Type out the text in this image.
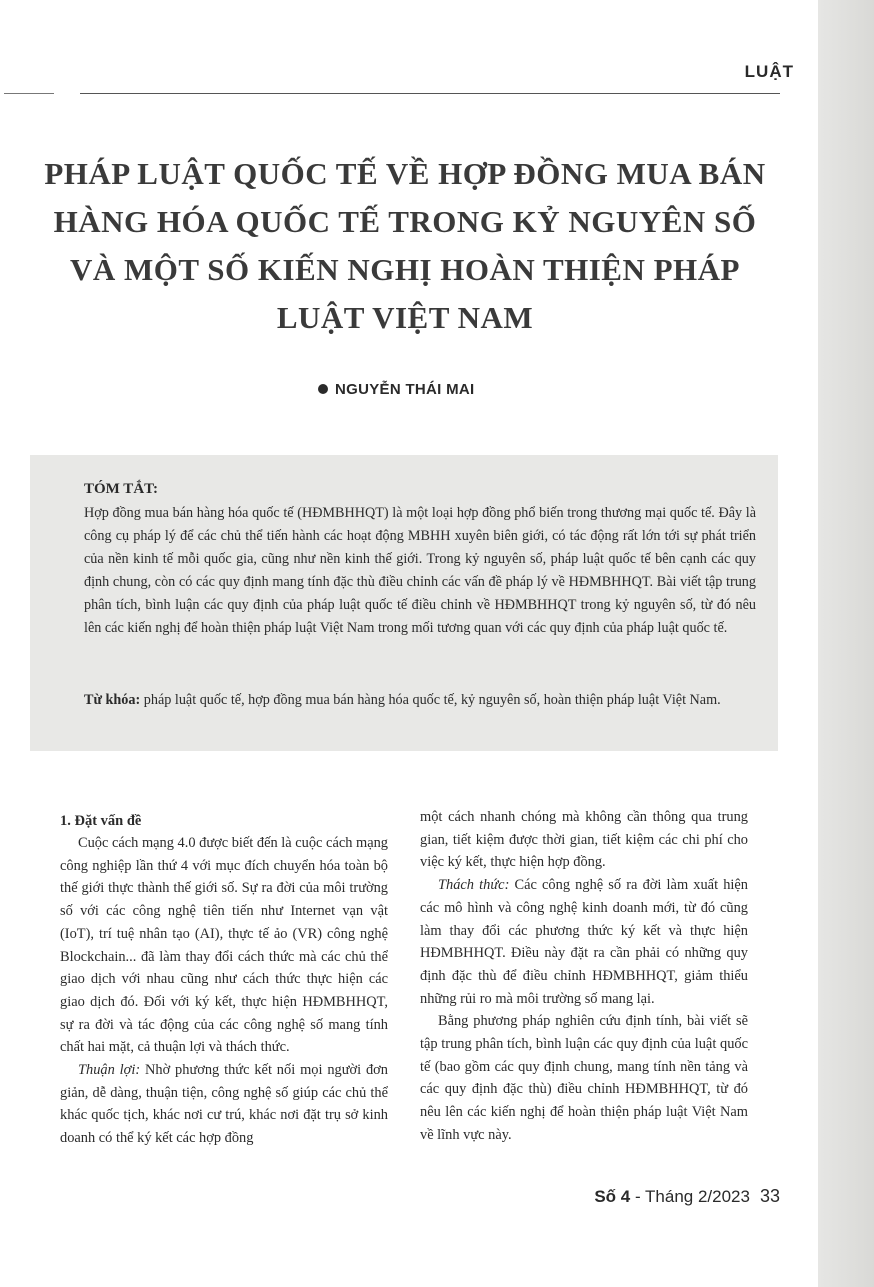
LUẬT
PHÁP LUẬT QUỐC TẾ VỀ HỢP ĐỒNG MUA BÁN HÀNG HÓA QUỐC TẾ TRONG KỶ NGUYÊN SỐ VÀ MỘT SỐ KIẾN NGHỊ HOÀN THIỆN PHÁP LUẬT VIỆT NAM
NGUYỄN THÁI MAI
TÓM TẮT:

Hợp đồng mua bán hàng hóa quốc tế (HĐMBHHQT) là một loại hợp đồng phổ biến trong thương mại quốc tế. Đây là công cụ pháp lý để các chủ thể tiến hành các hoạt động MBHH xuyên biên giới, có tác động rất lớn tới sự phát triển của nền kinh tế mỗi quốc gia, cũng như nền kinh thế giới. Trong kỷ nguyên số, pháp luật quốc tế bên cạnh các quy định chung, còn có các quy định mang tính đặc thù điều chỉnh các vấn đề pháp lý về HĐMBHHQT. Bài viết tập trung phân tích, bình luận các quy định của pháp luật quốc tế điều chỉnh về HĐMBHHQT trong kỷ nguyên số, từ đó nêu lên các kiến nghị để hoàn thiện pháp luật Việt Nam trong mối tương quan với các quy định của pháp luật quốc tế.

Từ khóa: pháp luật quốc tế, hợp đồng mua bán hàng hóa quốc tế, kỷ nguyên số, hoàn thiện pháp luật Việt Nam.

1. Đặt vấn đề

Cuộc cách mạng 4.0 được biết đến là cuộc cách mạng công nghiệp lần thứ 4 với mục đích chuyển hóa toàn bộ thế giới thực thành thế giới số. Sự ra đời của môi trường số với các công nghệ tiên tiến như Internet vạn vật (IoT), trí tuệ nhân tạo (AI), thực tế ảo (VR) công nghệ Blockchain... đã làm thay đổi cách thức mà các chủ thể giao dịch với nhau cũng như cách thức thực hiện các giao dịch đó. Đối với ký kết, thực hiện HĐMBHHQT, sự ra đời và tác động của các công nghệ số mang tính chất hai mặt, cả thuận lợi và thách thức.

Thuận lợi: Nhờ phương thức kết nối mọi người đơn giản, dễ dàng, thuận tiện, công nghệ số giúp các chủ thể khác quốc tịch, khác nơi cư trú, khác nơi đặt trụ sở kinh doanh có thể ký kết các hợp đồng

một cách nhanh chóng mà không cần thông qua trung gian, tiết kiệm được thời gian, tiết kiệm các chi phí cho việc ký kết, thực hiện hợp đồng.

Thách thức: Các công nghệ số ra đời làm xuất hiện các mô hình và công nghệ kinh doanh mới, từ đó cũng làm thay đổi các phương thức ký kết và thực hiện HĐMBHHQT. Điều này đặt ra cần phải có những quy định đặc thù để điều chỉnh HĐMBHHQT, giảm thiểu những rủi ro mà môi trường số mang lại.

Bằng phương pháp nghiên cứu định tính, bài viết sẽ tập trung phân tích, bình luận các quy định của luật quốc tế (bao gồm các quy định chung, mang tính nền tảng và các quy định đặc thù) điều chỉnh HĐMBHHQT, từ đó nêu lên các kiến nghị để hoàn thiện pháp luật Việt Nam về lĩnh vực này.

Số 4 - Tháng 2/2023 33
